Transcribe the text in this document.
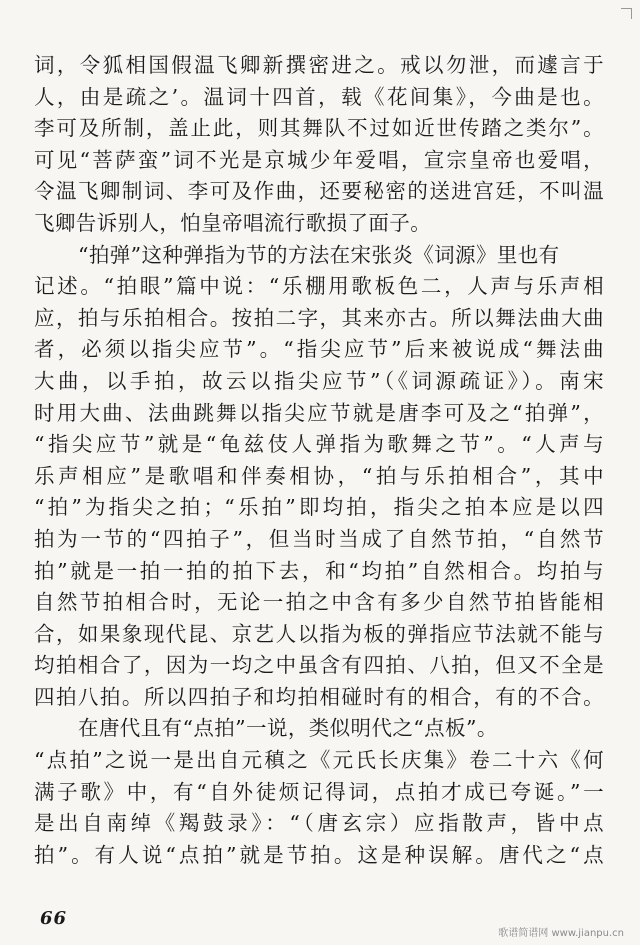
词，令狐相国假温飞卿新撰密进之。戒以勿泄，而遽言于
人，由是疏之’。温词十四首，载《花间集》，今曲是也。
李可及所制，盖止此，则其舞队不过如近世传踏之类尔”。
可见“菩萨蛮”词不光是京城少年爱唱，宣宗皇帝也爱唱，
令温飞卿制词、李可及作曲，还要秘密的送进宫廷，不叫温
飞卿告诉别人，怕皇帝唱流行歌损了面子。
“拍弹”这种弹指为节的方法在宋张炎《词源》里也有
记述。“拍眼”篇中说：“乐棚用歌板色二，人声与乐声相
应，拍与乐拍相合。按拍二字，其来亦古。所以舞法曲大曲
者，必须以指尖应节”。“指尖应节”后来被说成“舞法曲
大曲，以手拍，故云以指尖应节”（《词源疏证》）。南宋
时用大曲、法曲跳舞以指尖应节就是唐李可及之“拍弹”，
“指尖应节”就是“龟兹伎人弹指为歌舞之节”。“人声与
乐声相应”是歌唱和伴奏相协，“拍与乐拍相合”，其中
“拍”为指尖之拍；“乐拍”即均拍，指尖之拍本应是以四
拍为一节的“四拍子”，但当时当成了自然节拍，“自然节
拍”就是一拍一拍的拍下去，和“均拍”自然相合。均拍与
自然节拍相合时，无论一拍之中含有多少自然节拍皆能相
合，如果象现代昆、京艺人以指为板的弹指应节法就不能与
均拍相合了，因为一均之中虽含有四拍、八拍，但又不全是
四拍八拍。所以四拍子和均拍相碰时有的相合，有的不合。
在唐代且有“点拍”一说，类似明代之“点板”。
“点拍”之说一是出自元稹之《元氏长庆集》卷二十六《何
满子歌》中，有“自外徒烦记得词，点拍才成已夸诞。”一
是出自南绰《羯鼓录》：“（唐玄宗）应指散声，皆中点
拍”。有人说“点拍”就是节拍。这是种误解。唐代之“点
66
歌谱简谱网 www.jianpu.cn
